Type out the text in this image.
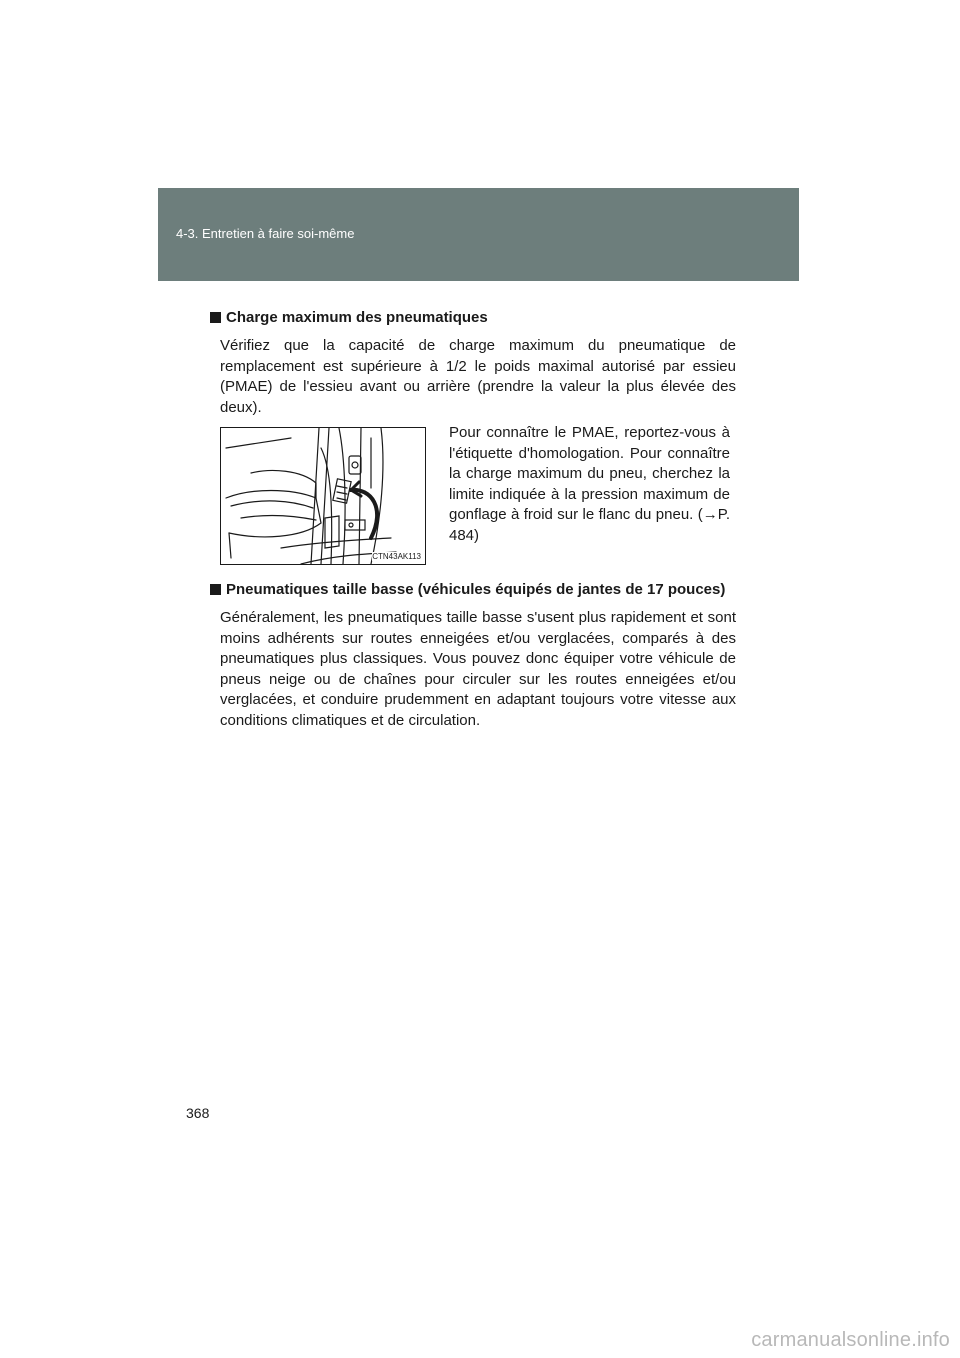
4-3. Entretien à faire soi-même
Charge maximum des pneumatiques
Vérifiez que la capacité de charge maximum du pneumatique de remplacement est supérieure à 1/2 le poids maximal autorisé par essieu (PMAE) de l'essieu avant ou arrière (prendre la valeur la plus élevée des deux).
CTN43AK113
Pour connaître le PMAE, reportez-vous à l'étiquette d'homologation. Pour connaître la charge maximum du pneu, cherchez la limite indiquée à la pression maximum de gonflage à froid sur le flanc du pneu. (→P. 484)
Pneumatiques taille basse (véhicules équipés de jantes de 17 pouces)
Généralement, les pneumatiques taille basse s'usent plus rapidement et sont moins adhérents sur routes enneigées et/ou verglacées, comparés à des pneumatiques plus classiques. Vous pouvez donc équiper votre véhicule de pneus neige ou de chaînes pour circuler sur les routes enneigées et/ou verglacées, et conduire prudemment en adaptant toujours votre vitesse aux conditions climatiques et de circulation.
368
carmanualsonline.info
